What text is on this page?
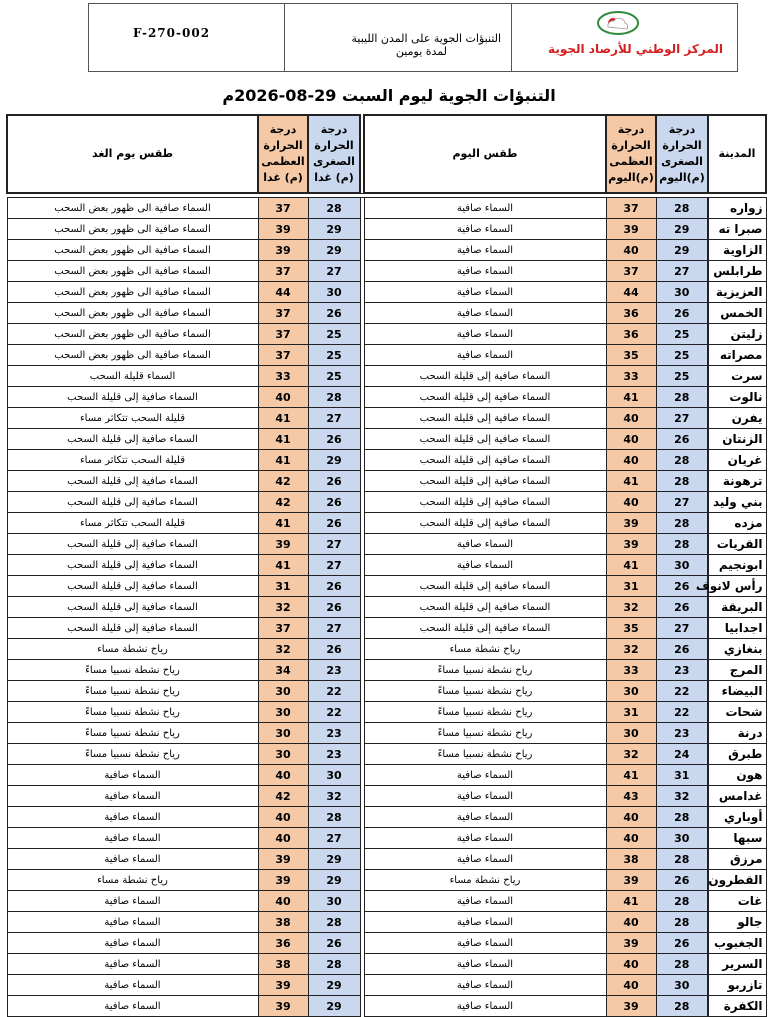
F-270-002	التنبؤات الجوية على المدن الليبية
لمدة يومين	المركز الوطني للأرصاد الجوية
التنبؤات الجوية ليوم السبت 29-08-2026م
المدينة	درجة الحرارة الصغرى (م)اليوم	درجة الحرارة العظمى (م)اليوم	طقس اليوم		درجة الحرارة الصغرى (م) غدا	درجة الحرارة العظمى (م) غدا	طقس يوم الغد

زواره	28	37	السماء صافية		28	37	السماء صافية الى ظهور بعض السحب
صبرا ته	29	39	السماء صافية		29	39	السماء صافية الى ظهور بعض السحب
الزاوية	29	40	السماء صافية		29	39	السماء صافية الى ظهور بعض السحب
طرابلس	27	37	السماء صافية		27	37	السماء صافية الى ظهور بعض السحب
العزيزية	30	44	السماء صافية		30	44	السماء صافية الى ظهور بعض السحب
الخمس	26	36	السماء صافية		26	37	السماء صافية الى ظهور بعض السحب
زليتن	25	36	السماء صافية		25	37	السماء صافية الى ظهور بعض السحب
مصراته	25	35	السماء صافية		25	37	السماء صافية الى ظهور بعض السحب
سرت	25	33	السماء صافية إلى قليلة السحب		25	33	السماء قليلة السحب
نالوت	28	41	السماء صافية إلى قليلة السحب		28	40	السماء صافية إلى قليلة السحب
يفرن	27	40	السماء صافية إلى قليلة السحب		27	41	قليلة السحب تتكاثر مساء
الزنتان	26	40	السماء صافية إلى قليلة السحب		26	41	السماء صافية إلى قليلة السحب
غريان	28	40	السماء صافية إلى قليلة السحب		29	41	قليلة السحب تتكاثر مساء
ترهونة	28	41	السماء صافية إلى قليلة السحب		26	42	السماء صافية إلى قليلة السحب
بني وليد	27	40	السماء صافية إلى قليلة السحب		26	42	السماء صافية إلى قليلة السحب
مزده	28	39	السماء صافية إلى قليلة السحب		26	41	قليلة السحب تتكاثر مساء
القريات	28	39	السماء صافية		27	39	السماء صافية إلى قليلة السحب
ابونجيم	30	41	السماء صافية		27	41	السماء صافية إلى قليلة السحب
رأس لانوف	26	31	السماء صافية إلى قليلة السحب		26	31	السماء صافية إلى قليلة السحب
البريقة	26	32	السماء صافية إلى قليلة السحب		26	32	السماء صافية إلى قليلة السحب
اجدابيا	27	35	السماء صافية إلى قليلة السحب		27	37	السماء صافية إلى قليلة السحب
بنغازي	26	32	رياح نشطة مساء		26	32	رياح نشطة مساء
المرج	23	33	رياح نشطة نسبيا مساءً		23	34	رياح نشطة نسبيا مساءً
البيضاء	22	30	رياح نشطة نسبيا مساءً		22	30	رياح نشطة نسبيا مساءً
شحات	22	31	رياح نشطة نسبيا مساءً		22	30	رياح نشطة نسبيا مساءً
درنة	23	30	رياح نشطة نسبيا مساءً		23	30	رياح نشطة نسبيا مساءً
طبرق	24	32	رياح نشطة نسبيا مساءً		23	30	رياح نشطة نسبيا مساءً
هون	31	41	السماء صافية		30	40	السماء صافية
غدامس	32	43	السماء صافية		32	42	السماء صافية
أوباري	28	40	السماء صافية		28	40	السماء صافية
سبها	30	40	السماء صافية		27	40	السماء صافية
مرزق	28	38	السماء صافية		29	39	السماء صافية
القطرون	26	39	رياح نشطة مساء		29	39	رياح نشطة مساء
غات	28	41	السماء صافية		30	40	السماء صافية
جالو	28	40	السماء صافية		28	38	السماء صافية
الجغبوب	26	39	السماء صافية		26	36	السماء صافية
السرير	28	40	السماء صافية		28	38	السماء صافية
تازربو	30	40	السماء صافية		29	39	السماء صافية
الكفرة	28	39	السماء صافية		29	39	السماء صافية
